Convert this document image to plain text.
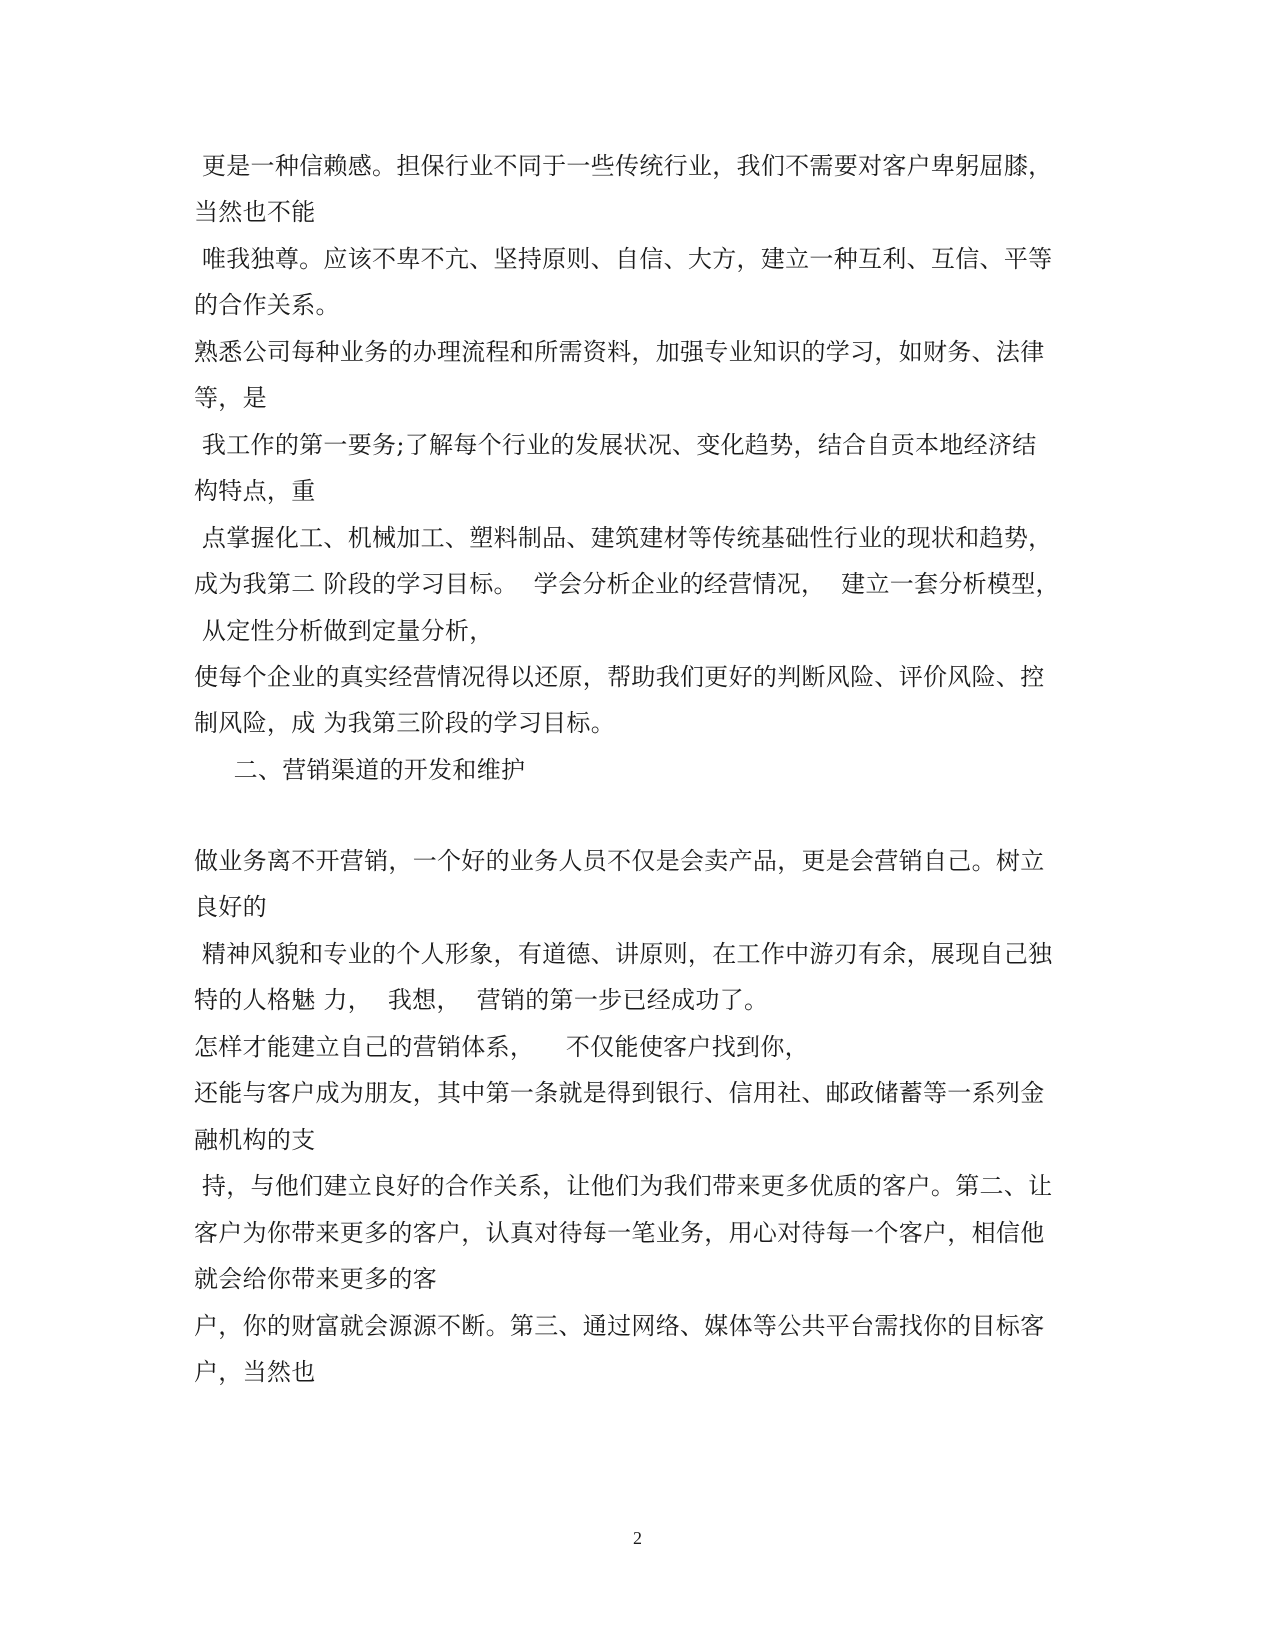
更是一种信赖感。担保行业不同于一些传统行业，我们不需要对客户卑躬屈膝，
当然也不能
唯我独尊。应该不卑不亢、坚持原则、自信、大方，建立一种互利、互信、平等
的合作关系。
熟悉公司每种业务的办理流程和所需资料，加强专业知识的学习，如财务、法律
等，是
我工作的第一要务;了解每个行业的发展状况、变化趋势，结合自贡本地经济结
构特点，重
点掌握化工、机械加工、塑料制品、建筑建材等传统基础性行业的现状和趋势，
成为我第二 阶段的学习目标。  学会分析企业的经营情况，  建立一套分析模型，
从定性分析做到定量分析，
使每个企业的真实经营情况得以还原，帮助我们更好的判断风险、评价风险、控
制风险，成 为我第三阶段的学习目标。
二、营销渠道的开发和维护
做业务离不开营销，一个好的业务人员不仅是会卖产品，更是会营销自己。树立
良好的
精神风貌和专业的个人形象，有道德、讲原则，在工作中游刃有余，展现自己独
特的人格魅 力，  我想，  营销的第一步已经成功了。
怎样才能建立自己的营销体系，    不仅能使客户找到你，
还能与客户成为朋友，其中第一条就是得到银行、信用社、邮政储蓄等一系列金
融机构的支
持，与他们建立良好的合作关系，让他们为我们带来更多优质的客户。第二、让
客户为你带来更多的客户，认真对待每一笔业务，用心对待每一个客户，相信他
就会给你带来更多的客
户，你的财富就会源源不断。第三、通过网络、媒体等公共平台需找你的目标客
户，当然也
2
